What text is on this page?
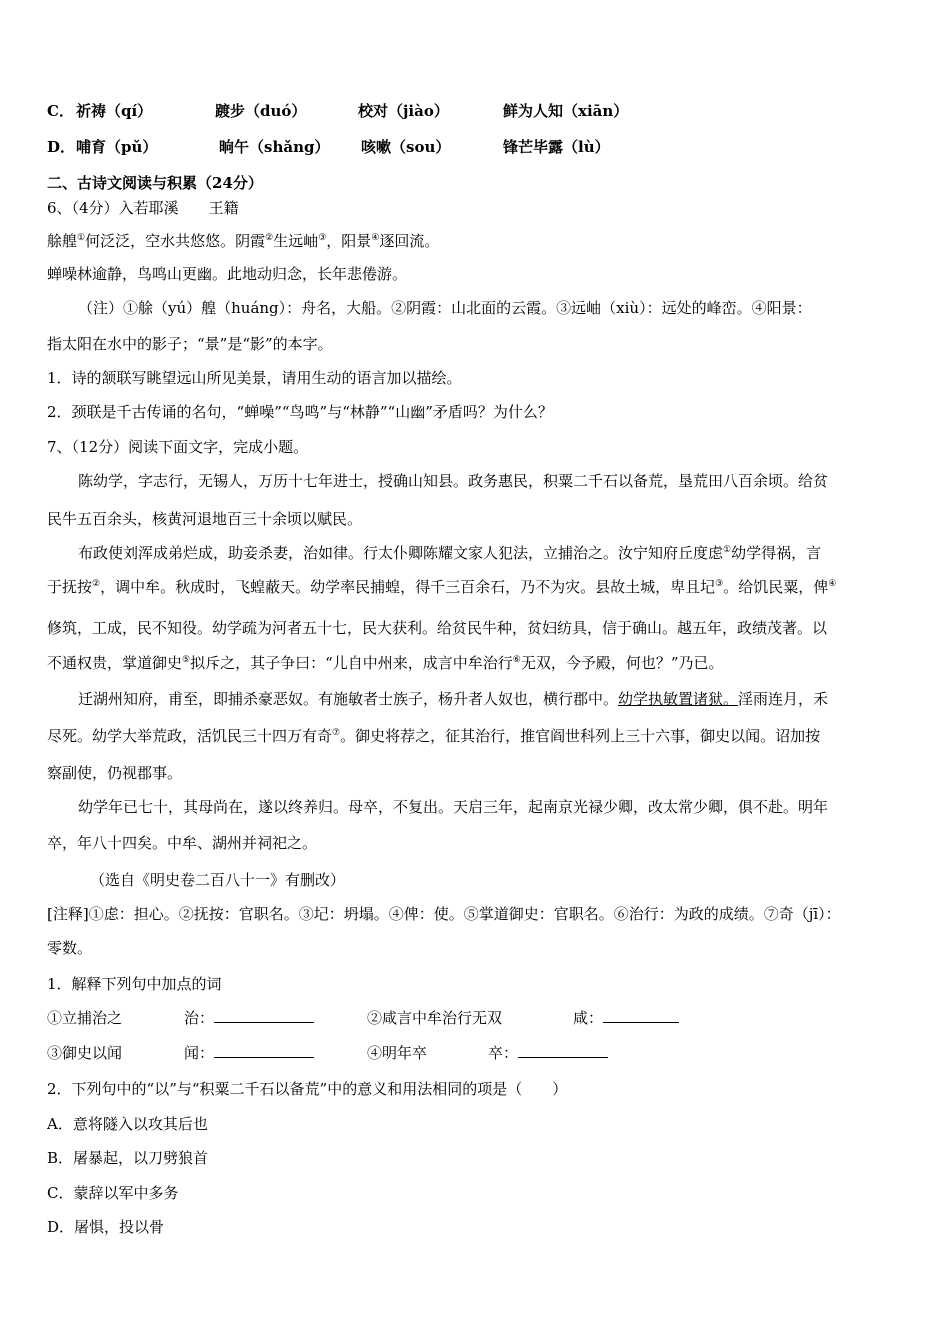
C． 祈祷（qí）	踱步（duó）	校对（jiào）	鲜为人知（xiān）
D． 哺育（pǔ）	晌午（shǎng） 咳嗽（sou）	锋芒毕露（lù）
二、古诗文阅读与积累（24分）
6、（4分）入若耶溪　　王籍
艅艎①何泛泛，空水共悠悠。阴霞②生远岫③，阳景④逐回流。
蝉噪林逾静，鸟鸣山更幽。此地动归念，长年悲倦游。
（注）①艅（yú）艎（huáng）：舟名，大船。②阴霞：山北面的云霞。③远岫（xiù）：远处的峰峦。④阳景：
指太阳在水中的影子；“景”是“影”的本字。
1．诗的颔联写眺望远山所见美景，请用生动的语言加以描绘。
2．颈联是千古传诵的名句，“蝉噪”“鸟鸣”与“林静”“山幽”矛盾吗？为什么？
7、（12分）阅读下面文字，完成小题。
陈幼学，字志行，无锡人，万历十七年进士，授确山知县。政务惠民，积粟二千石以备荒，垦荒田八百余顷。给贫
民牛五百余头，核黄河退地百三十余顷以赋民。
布政使刘浑成弟烂成，助妾杀妻，治如律。行太仆卿陈耀文家人犯法，立捕治之。汝宁知府丘度虑①幼学得祸，言
于抚按②，调中牟。秋成时，飞蝗蔽天。幼学率民捕蝗，得千三百余石，乃不为灾。县故土城，卑且圮③。给饥民粟，俾④
修筑，工成，民不知役。幼学疏为河者五十七，民大获利。给贫民牛种，贫妇纺具，信于确山。越五年，政绩茂著。以
不通权贵，掌道御史⑤拟斥之，其子争曰：“儿自中州来，成言中牟治行⑥无双，今予殿，何也？”乃已。
迁湖州知府，甫至，即捕杀豪恶奴。有施敏者士族子，杨升者人奴也，横行郡中。幼学执敏置诸狱。淫雨连月，禾
尽死。幼学大举荒政，活饥民三十四万有奇⑦。御史将荐之，征其治行，推官阎世科列上三十六事，御史以闻。诏加按
察副使，仍视郡事。
幼学年已七十，其母尚在，遂以终养归。母卒，不复出。天启三年，起南京光禄少卿，改太常少卿，俱不赴。明年
卒，年八十四矣。中牟、湖州并祠祀之。
（选自《明史卷二百八十一》有删改）
[注释]①虑：担心。②抚按：官职名。③圮：坍塌。④俾：使。⑤掌道御史：官职名。⑥治行：为政的成绩。⑦奇（jī）：
零数。
1．解释下列句中加点的词
①立捕治之	治：	②咸言中牟治行无双	咸：
③御史以闻	闻：	④明年卒	卒：
2．下列句中的“以”与“积粟二千石以备荒”中的意义和用法相同的项是（　　）
A．意将隧入以攻其后也
B．屠暴起，以刀劈狼首
C．蒙辞以军中多务
D．屠惧，投以骨
